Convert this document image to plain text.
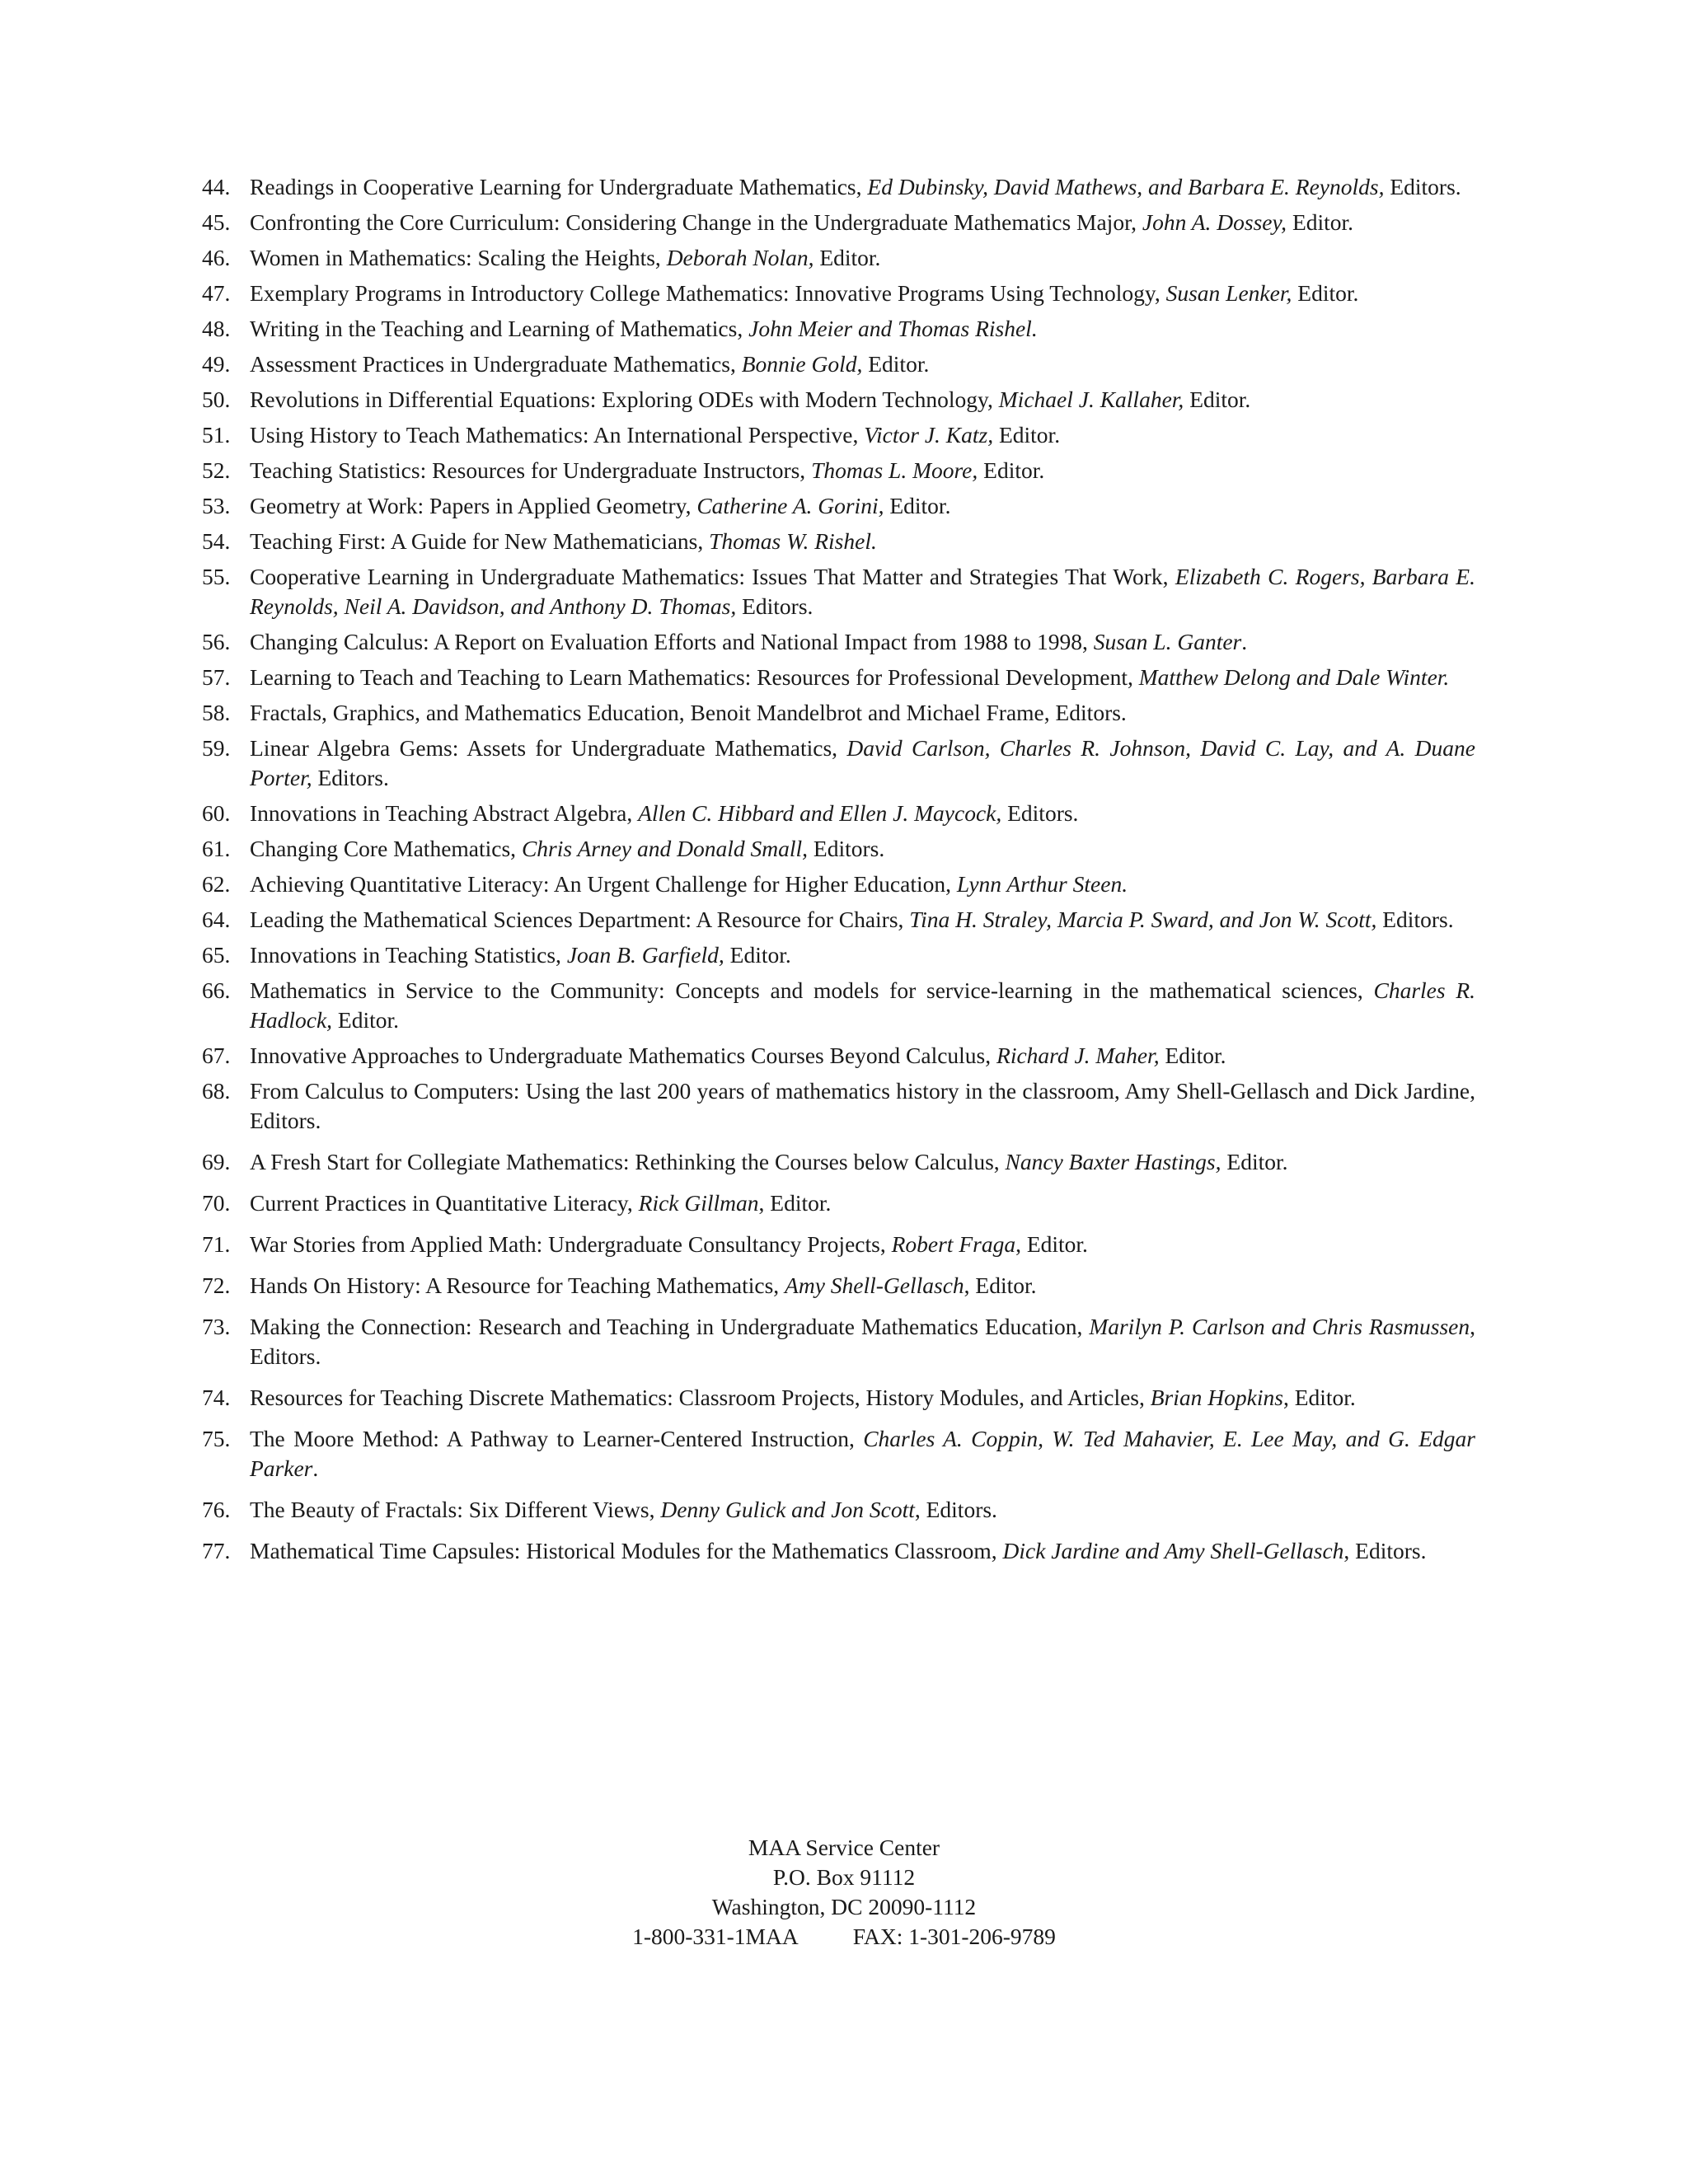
44. Readings in Cooperative Learning for Undergraduate Mathematics, Ed Dubinsky, David Mathews, and Barbara E. Reynolds, Editors.
45. Confronting the Core Curriculum: Considering Change in the Undergraduate Mathematics Major, John A. Dossey, Editor.
46. Women in Mathematics: Scaling the Heights, Deborah Nolan, Editor.
47. Exemplary Programs in Introductory College Mathematics: Innovative Programs Using Technology, Susan Lenker, Editor.
48. Writing in the Teaching and Learning of Mathematics, John Meier and Thomas Rishel.
49. Assessment Practices in Undergraduate Mathematics, Bonnie Gold, Editor.
50. Revolutions in Differential Equations: Exploring ODEs with Modern Technology, Michael J. Kallaher, Editor.
51. Using History to Teach Mathematics: An International Perspective, Victor J. Katz, Editor.
52. Teaching Statistics: Resources for Undergraduate Instructors, Thomas L. Moore, Editor.
53. Geometry at Work: Papers in Applied Geometry, Catherine A. Gorini, Editor.
54. Teaching First: A Guide for New Mathematicians, Thomas W. Rishel.
55. Cooperative Learning in Undergraduate Mathematics: Issues That Matter and Strategies That Work, Elizabeth C. Rogers, Barbara E. Reynolds, Neil A. Davidson, and Anthony D. Thomas, Editors.
56. Changing Calculus: A Report on Evaluation Efforts and National Impact from 1988 to 1998, Susan L. Ganter.
57. Learning to Teach and Teaching to Learn Mathematics: Resources for Professional Development, Matthew Delong and Dale Winter.
58. Fractals, Graphics, and Mathematics Education, Benoit Mandelbrot and Michael Frame, Editors.
59. Linear Algebra Gems: Assets for Undergraduate Mathematics, David Carlson, Charles R. Johnson, David C. Lay, and A. Duane Porter, Editors.
60. Innovations in Teaching Abstract Algebra, Allen C. Hibbard and Ellen J. Maycock, Editors.
61. Changing Core Mathematics, Chris Arney and Donald Small, Editors.
62. Achieving Quantitative Literacy: An Urgent Challenge for Higher Education, Lynn Arthur Steen.
64. Leading the Mathematical Sciences Department: A Resource for Chairs, Tina H. Straley, Marcia P. Sward, and Jon W. Scott, Editors.
65. Innovations in Teaching Statistics, Joan B. Garfield, Editor.
66. Mathematics in Service to the Community: Concepts and models for service-learning in the mathematical sciences, Charles R. Hadlock, Editor.
67. Innovative Approaches to Undergraduate Mathematics Courses Beyond Calculus, Richard J. Maher, Editor.
68. From Calculus to Computers: Using the last 200 years of mathematics history in the classroom, Amy Shell-Gellasch and Dick Jardine, Editors.
69. A Fresh Start for Collegiate Mathematics: Rethinking the Courses below Calculus, Nancy Baxter Hastings, Editor.
70. Current Practices in Quantitative Literacy, Rick Gillman, Editor.
71. War Stories from Applied Math: Undergraduate Consultancy Projects, Robert Fraga, Editor.
72. Hands On History: A Resource for Teaching Mathematics, Amy Shell-Gellasch, Editor.
73. Making the Connection: Research and Teaching in Undergraduate Mathematics Education, Marilyn P. Carlson and Chris Rasmussen, Editors.
74. Resources for Teaching Discrete Mathematics: Classroom Projects, History Modules, and Articles, Brian Hopkins, Editor.
75. The Moore Method: A Pathway to Learner-Centered Instruction, Charles A. Coppin, W. Ted Mahavier, E. Lee May, and G. Edgar Parker.
76. The Beauty of Fractals: Six Different Views, Denny Gulick and Jon Scott, Editors.
77. Mathematical Time Capsules: Historical Modules for the Mathematics Classroom, Dick Jardine and Amy Shell-Gellasch, Editors.
MAA Service Center
P.O. Box 91112
Washington, DC 20090-1112
1-800-331-1MAA FAX: 1-301-206-9789
